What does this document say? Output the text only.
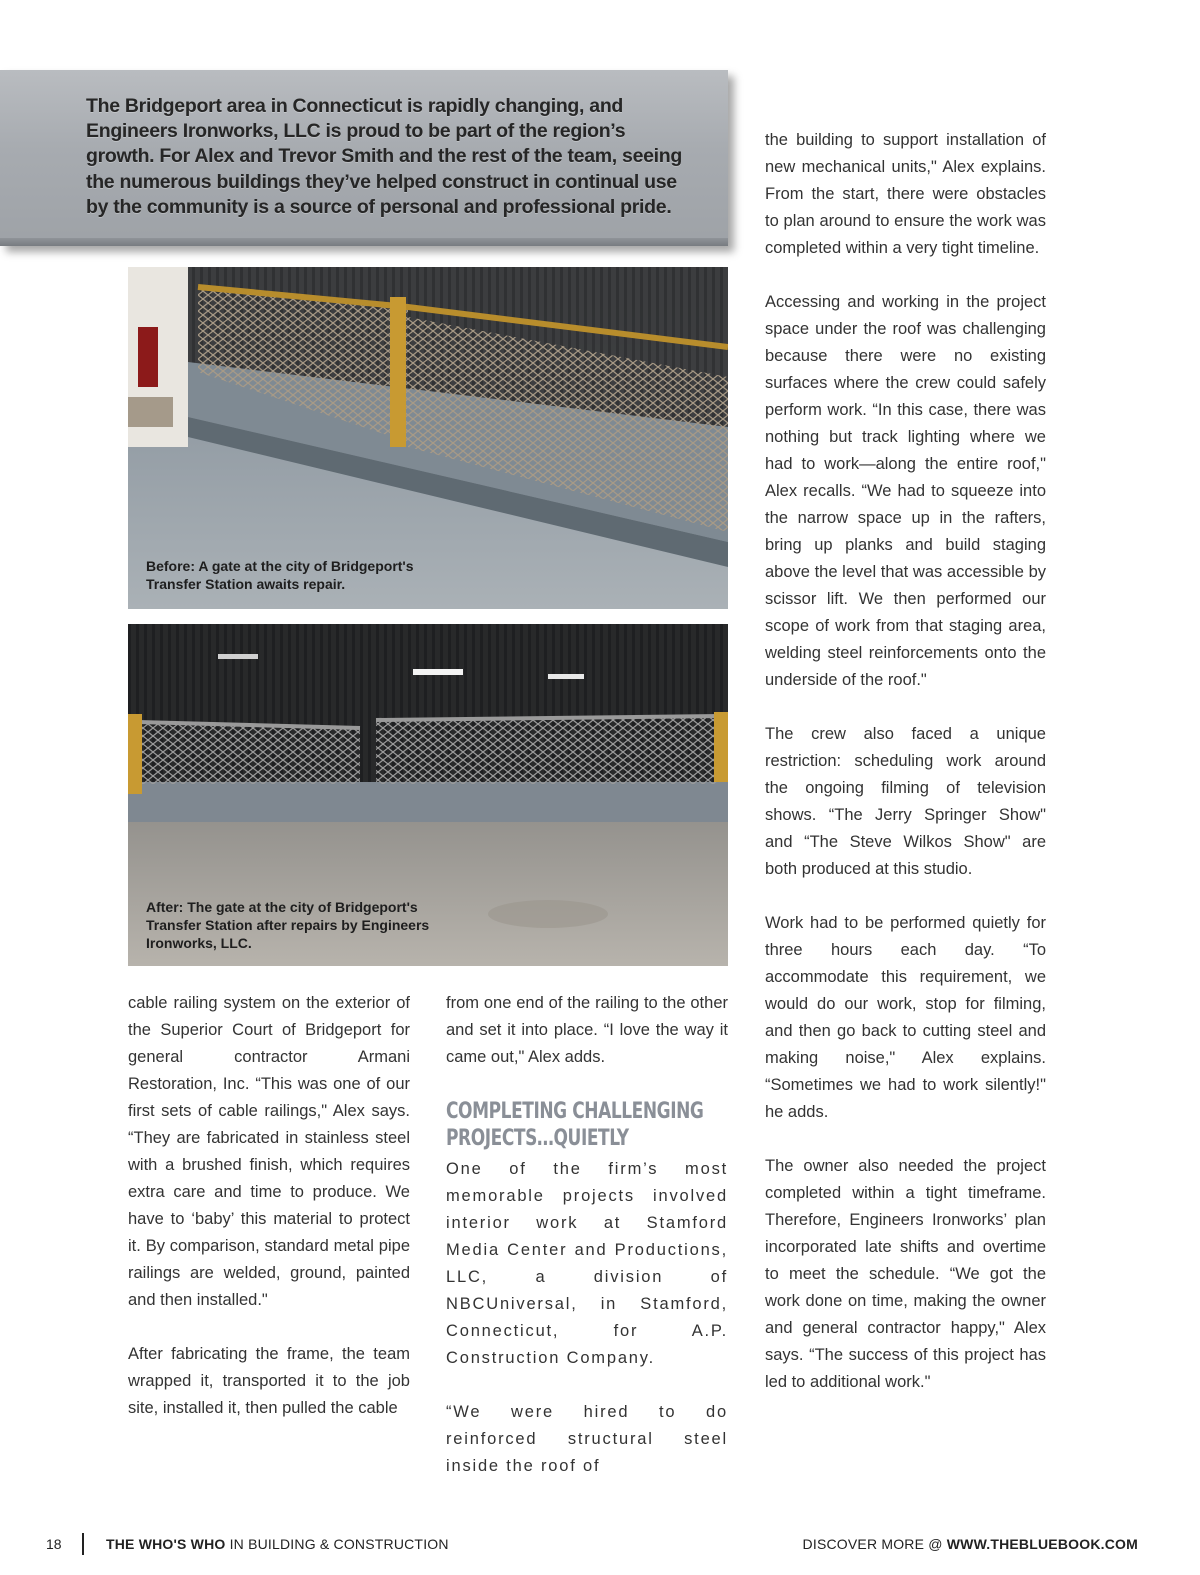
The Bridgeport area in Connecticut is rapidly changing, and Engineers Ironworks, LLC is proud to be part of the region’s growth. For Alex and Trevor Smith and the rest of the team, seeing the numerous buildings they’ve helped construct in continual use by the community is a source of personal and professional pride.

Before: A gate at the city of Bridgeport's Transfer Station awaits repair.

After: The gate at the city of Bridgeport's Transfer Station after repairs by Engineers Ironworks, LLC.

cable railing system on the exterior of the Superior Court of Bridgeport for general contractor Armani Restoration, Inc. “This was one of our first sets of cable railings," Alex says. “They are fabricated in stainless steel with a brushed finish, which requires extra care and time to produce. We have to ‘baby’ this material to protect it. By comparison, standard metal pipe railings are welded, ground, painted and then installed."

After fabricating the frame, the team wrapped it, transported it to the job site, installed it, then pulled the cable

from one end of the railing to the other and set it into place. “I love the way it came out," Alex adds.

COMPLETING CHALLENGING PROJECTS…QUIETLY

One of the firm’s most memorable projects involved interior work at Stamford Media Center and Productions, LLC, a division of NBCUniversal, in Stamford, Connecticut, for A.P. Construction Company.

“We were hired to do reinforced structural steel inside the roof of

the building to support installation of new mechanical units," Alex explains. From the start, there were obstacles to plan around to ensure the work was completed within a very tight timeline.

Accessing and working in the project space under the roof was challenging because there were no existing surfaces where the crew could safely perform work. “In this case, there was nothing but track lighting where we had to work—along the entire roof," Alex recalls. “We had to squeeze into the narrow space up in the rafters, bring up planks and build staging above the level that was accessible by scissor lift. We then performed our scope of work from that staging area, welding steel reinforcements onto the underside of the roof."

The crew also faced a unique restriction: scheduling work around the ongoing filming of television shows. “The Jerry Springer Show" and “The Steve Wilkos Show" are both produced at this studio.

Work had to be performed quietly for three hours each day. “To accommodate this requirement, we would do our work, stop for filming, and then go back to cutting steel and making noise," Alex explains. “Sometimes we had to work silently!" he adds.

The owner also needed the project completed within a tight timeframe. Therefore, Engineers Ironworks’ plan incorporated late shifts and overtime to meet the schedule. “We got the work done on time, making the owner and general contractor happy," Alex says. “The success of this project has led to additional work."

18	THE WHO'S WHO IN BUILDING & CONSTRUCTION	DISCOVER MORE @ WWW.THEBLUEBOOK.COM
